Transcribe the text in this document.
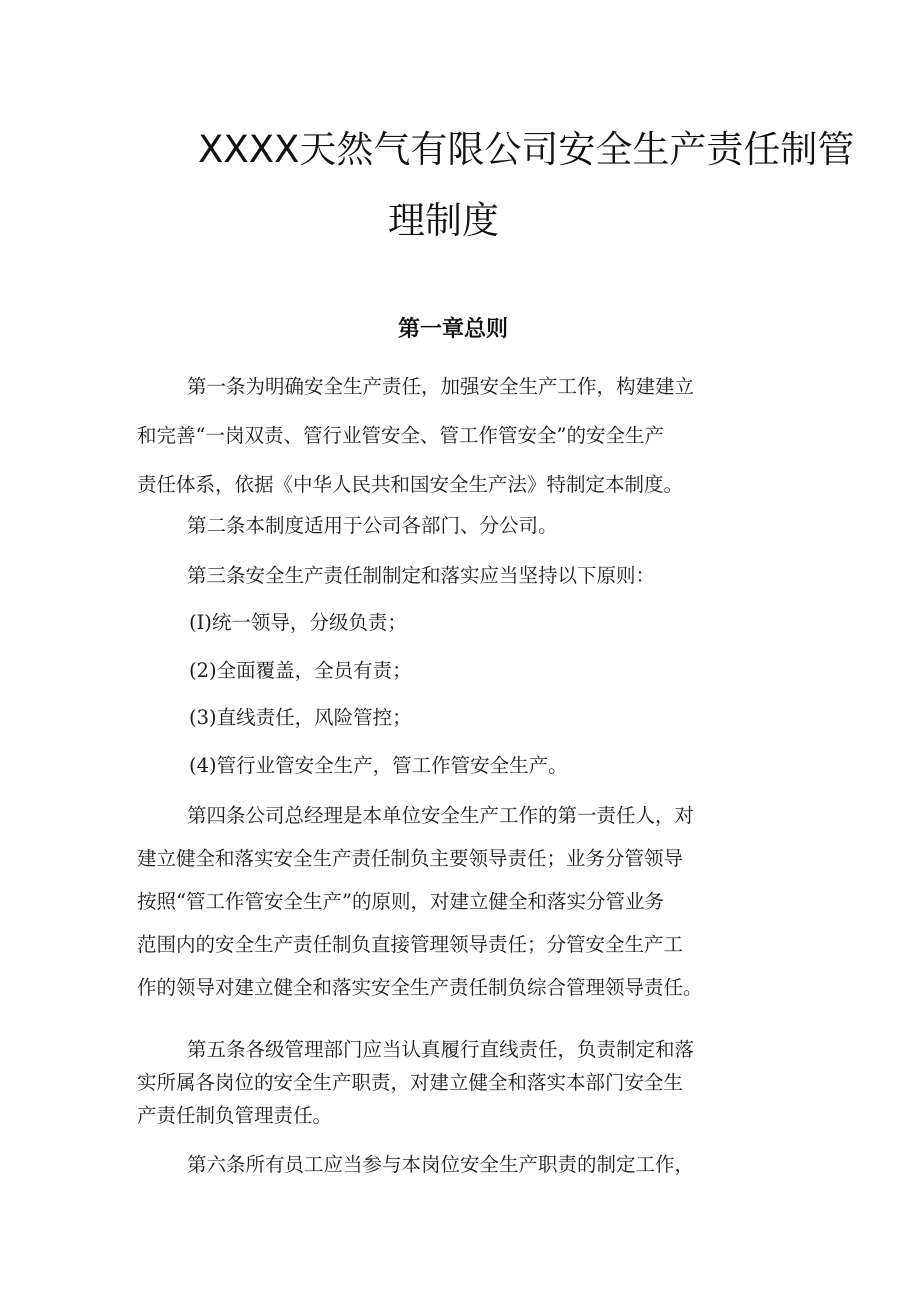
XXXX天然气有限公司安全生产责任制管
理制度
第一章总则

第一条为明确安全生产责任，加强安全生产工作，构建建立
和完善“一岗双责、管行业管安全、管工作管安全”的安全生产
责任体系，依据《中华人民共和国安全生产法》特制定本制度。

第二条本制度适用于公司各部门、分公司。

第三条安全生产责任制制定和落实应当坚持以下原则：

(I)统一领导，分级负责；

(2)全面覆盖，全员有责；

(3)直线责任，风险管控；

(4)管行业管安全生产，管工作管安全生产。

第四条公司总经理是本单位安全生产工作的第一责任人，对
建立健全和落实安全生产责任制负主要领导责任；业务分管领导
按照“管工作管安全生产”的原则，对建立健全和落实分管业务
范围内的安全生产责任制负直接管理领导责任；分管安全生产工
作的领导对建立健全和落实安全生产责任制负综合管理领导责任。

第五条各级管理部门应当认真履行直线责任，负责制定和落
实所属各岗位的安全生产职责，对建立健全和落实本部门安全生
产责任制负管理责任。

第六条所有员工应当参与本岗位安全生产职责的制定工作，
